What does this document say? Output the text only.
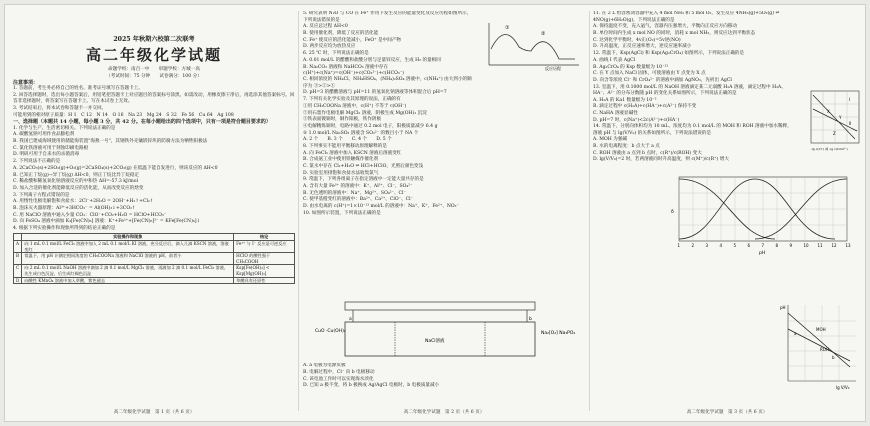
2025 年秋期六校第二次联考
高二年级化学试题
命题学校：南召一中　　审题学校：方城一高
（考试时间：75 分钟　　试卷满分：100 分）
注意事项：
1. 答题前，考生务必将自己的姓名、准考证号填写在答题卡上。
2. 回答选择题时，选出每小题答案后，用铅笔把答题卡上对应题目的答案标号涂黑。如需改动，用橡皮擦干净后，再选涂其他答案标号。回答非选择题时，将答案写在答题卡上。写在本试卷上无效。
3. 考试结束后，将本试卷和答题卡一并交回。
可能用到的相对原子质量：H 1　C 12　N 14　O 16　Na 23　Mg 24　S 32　Fe 56　Cu 64　Ag 108
一、选择题（本题共 14 小题，每小题 3 分，共 42 分。在每小题给出的四个选项中，只有一项是符合题目要求的）
1. 化学与生产、生活密切相关。下列说法正确的是
A. 碳酸氢钠可用作食品膨松剂
B. 我国已建成海域使用的储能海装置"海燕一号"，其钢铁外壳镶嵌锌块的防腐方法为牺牲阳极法
C. 氯化铁溶液可用于刻蚀印刷电路板
D. 明矾可用于自来水的杀菌消毒
2. 下列说法不正确的是
A. 2CaCO₃(s)+2SO₂(g)+O₂(g)=2CaSO₄(s)+2CO₂(g) 在低温下能自发进行，则该反应的 ΔH<0
B. 已知正丁烷(g)→异丁烷(g) ΔH<0，则正丁烷比异丁烷稳定
C. 稀盐酸和稀氢氧化钠溶液反应的中和热 ΔH=-57.3 kJ/mol
D. 加入合适的催化剂能降低反应的活化能，从而改变反应的焓变
3. 下列离子方程式错误的是
A. 用惰性电极电解饱和食盐水：2Cl⁻+2H₂O = 2OH⁻+H₂↑+Cl₂↑
B. 泡沫灭火器原理：Al³⁺+3HCO₃⁻ = Al(OH)₃↓+3CO₂↑
C. 用 NaClO 溶液中通入少量 CO₂：ClO⁻+CO₂+H₂O = HClO+HCO₃⁻
D. 向 FeSO₄ 溶液中滴加 K₃[Fe(CN)₆] 溶液：K⁺+Fe²⁺+[Fe(CN)₆]³⁻ = KFe[Fe(CN)₆]↓
4. 根据下列实验操作和现象所得到的结论正确的是
	实验操作和现象	结论
A	向 1 mL 0.1 mol/L FeCl₃ 溶液中加入 2 mL 0.1 mol/L KI 溶液，充分反应后，滴入几滴 KSCN 溶液，溶液变红	Fe³⁺ 与 I⁻ 反应是可逆反应
B	常温下，用 pH 计测定相同浓度的 CH₃COONa 溶液和 NaClO 溶液的 pH，前者小	HClO 的酸性强于 CH₃COOH
C	向 2 mL 0.1 mol/L NaOH 溶液中滴加 2 滴 0.1 mol/L MgCl₂ 溶液，再滴加 2 滴 0.1 mol/L FeCl₃ 溶液，先生成白色沉淀，后生成红褐色沉淀	Ksp[Fe(OH)₃] < Ksp[Mg(OH)₂]
D	向酸性 KMnO₄ 溶液中加入草酸，紫色褪去	草酸具有还原性
高二年级化学试题　第 1 页（共 6 页）
5. 研究表明 N₂O 与 CO 在 Fe⁺ 作用下发生反应的能量变化及反应历程如图所示，下列说法错误的是
A. 反应总过程 ΔH<0
B. 使用催化剂，降低了反应的活化能
C. Fe⁺ 使反应的活化能减小，FeO⁺ 是中间产物
D. 两步反应均为放热反应
6. 25 ℃ 时，下列说法正确的是
A. 0.01 mol/L 的醋酸和盐酸分别与足量锌反应，生成 H₂ 的量相同
B. Na₂CO₃ 溶液和 NaHCO₃ 溶液中存在 c(H⁺)+c(Na⁺)=c(OH⁻)+c(CO₃²⁻)+c(HCO₃⁻)
C. 相同浓度的 NH₄Cl、NH₄HSO₄、(NH₄)₂SO₄ 溶液中，c(NH₄⁺) 由大到小的顺序为 ③>②>①
D. pH=3 的醋酸溶液与 pH=11 的氢氧化钠溶液等体积混合后 pH=7
7. 下列有关化学实验及其原理的说法，正确的有
①用 CH₃COONa 溶液中，c(H⁺) 不等于 c(OH⁻)
②用石墨作电极电解 MgCl₂ 溶液，阴极生成 Mg(OH)₂ 沉淀
③铁表面镀铜时，铜作阳极，铁作阴极
④电解精炼铜时，电路中通过 0.2 mol 电子，阳极质量减少 6.4 g
⑤ 1.0 mol/L Na₂SO₃ 溶液含 SO₃²⁻ 的数目小于 NA 个
A. 2 个　　B. 3 个　　C. 4 个　　D. 5 个
8. 下列事实不能用平衡移动原理解释的是
A. 向 FeCl₃ 溶液中加入 KSCN 溶液后溶液变红
B. 合成氨工业中使用铁触媒作催化剂
C. 氯水中存在 Cl₂+H₂O ⇌ HCl+HClO，光照后颜色变浅
D. 实验室用排饱和食盐水法收集氯气
9. 常温下，下列各组离子在指定溶液中一定能大量共存的是
A. 含有大量 Fe³⁺ 的溶液中：K⁺、Al³⁺、Cl⁻、SO₄²⁻
B. 无色透明的溶液中：Na⁺、Mg²⁺、SO₄²⁻、Cl⁻
C. 使甲基橙变红的溶液中：Ba²⁺、Ca²⁺、ClO⁻、Cl⁻
D. 由水电离的 c(H⁺)=1×10⁻¹³ mol/L 的溶液中：Na⁺、K⁺、Fe²⁺、NO₃⁻
10. 如图所示装置，下列说法正确的是
①
②
反应历程
CuO ·Cu(OH)₂
NaCl溶液
Na₂[O₂] Na₃PO₄
a	b
A. a 电极为电源负极
B. 电解过程中，Cl⁻ 向 b 电极移动
C. 该电池工作时可以实现海水淡化
D. 已知 a 极不变，将 b 极换成 Ag/AgCl 电极时，b 电极质量减小
高二年级化学试题　第 2 页（共 6 页）
11. 在 2 L 恒容密闭容器中充入 4 mol NH₃ 和 5 mol O₂，发生反应 4NH₃(g)+5O₂(g) ⇌ 4NO(g)+6H₂O(g)，下列说法正确的是
A. 保持温度不变，充入氩气，容器内压强增大，平衡向正反应方向移动
B. 单位时间内生成 x mol NO 的同时，消耗 x mol NH₃，则反应达到平衡状态
C. 达到化学平衡时，4v正(O₂)=5v逆(NO)
D. 升高温度，正反应速率增大，逆反应速率减小
12. 常温下，Ksp(AgCl) 和 Ksp(Ag₂CrO₄) 如图所示，下列说法正确的是
A. 曲线 I 代表 AgCl
B. Ag₂CrO₄ 的 Ksp 数量级为 10⁻¹²
C. 在 Y 点加入 NaCl 固体，可使溶液由 Y 点变为 X 点
D. 向含等浓度 Cl⁻ 和 CrO₄²⁻ 的溶液中滴加 AgNO₃，先析出 AgCl
13. 室温下，用 0.1000 mol/L 的 NaOH 溶液滴定某二元弱酸 H₂A 溶液，滴定过程中 H₂A、HA⁻、A²⁻ 的分布分数随 pH 的变化关系如图所示，下列说法正确的是
A. H₂A 的 Ka1 数量级为 10⁻²
B. 滴定过程中 c(H₂A)+c(HA⁻)+c(A²⁻) 保持不变
C. NaHA 溶液显碱性
D. pH=7 时，c(Na⁺)<2c(A²⁻)+c(HA⁻)
14. 常温下，分别向体积均为 10 mL、浓度均为 0.1 mol/L 的 MOH 和 ROH 溶液中加水稀释，溶液 pH 与 lg(V/V₀) 的关系如图所示，下列说法错误的是
A. MOH 为强碱
B. 水的电离程度：b 点大于 a 点
C. ROH 溶液由 a 点到 b 点时，c(R⁺)/c(ROH) 变大
D. lg(V/V₀)=2 时，若两溶液同时升高温度，则 c(M⁺)/c(R⁺) 增大
I
II
X
Y
Z
-lg c(Cl⁻) 或 -lg c(CrO₄²⁻)
δ
1	2	3	4	5	6	7	8	9	10 11 12 13
pH
MOH
ROH
a
b
pH
lg V/V₀
高二年级化学试题　第 3 页（共 6 页）
